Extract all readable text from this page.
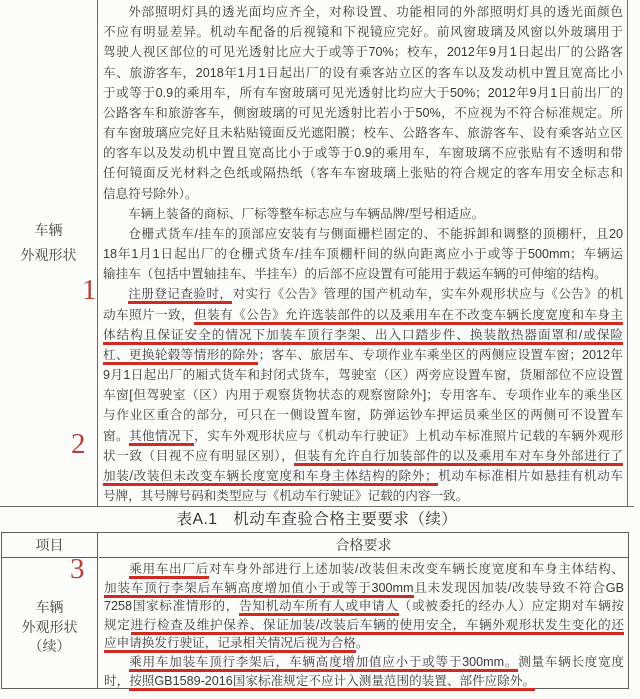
车辆
外观形状
外部照明灯具的透光面均应齐全，对称设置、功能相同的外部照明灯具的透光面颜色
不应有明显差异。机动车配备的后视镜和下视镜应完好。前风窗玻璃及风窗以外玻璃用于
驾驶人视区部位的可见光透射比应大于或等于70%；校车，2012年9月1日起出厂的公路客
车、旅游客车，2018年1月1日起出厂的设有乘客站立区的客车以及发动机中置且宽高比小
于或等于0.9的乘用车，所有车窗玻璃可见光透射比均应大于50%；2012年9月1日前出厂的
公路客车和旅游客车，侧窗玻璃的可见光透射比若小于50%，不应视为不符合标准规定。所
有车窗玻璃应完好且未粘贴镜面反光遮阳膜；校车、公路客车、旅游客车、设有乘客站立区
的客车以及发动机中置且宽高比小于或等于0.9的乘用车，车窗玻璃不应张贴有不透明和带
任何镜面反光材料之色纸或隔热纸（客车车窗玻璃上张贴的符合规定的客车用安全标志和
信息符号除外）。
车辆上装备的商标、厂标等整车标志应与车辆品牌/型号相适应。
仓栅式货车/挂车的顶部应安装有与侧面栅栏固定的、不能拆卸和调整的顶棚杆，且20
18年1月1日起出厂的仓栅式货车/挂车顶棚杆间的纵向距离应小于或等于500mm；车辆运
输挂车（包括中置轴挂车、半挂车）的后部不应设置有可能用于载运车辆的可伸缩的结构。
注册登记查验时，对实行《公告》管理的国产机动车，实车外观形状应与《公告》的机
动车照片一致，但装有《公告》允许选装部件的以及乘用车在不改变车辆长度宽度和车身主
体结构且保证安全的情况下加装车顶行李架、出入口踏步件、换装散热器面罩和/或保险
杠、更换轮毂等情形的除外；客车、旅居车、专项作业车乘坐区的两侧应设置车窗；2012年
9月1日起出厂的厢式货车和封闭式货车，驾驶室（区）两旁应设置车窗，货厢部位不应设置
车窗[但驾驶室（区）内用于观察货物状态的观察窗除外]；专用客车、专项作业车的乘坐区
与作业区重合的部分，可只在一侧设置车窗，防弹运钞车押运员乘坐区的两侧可不设置车
窗。其他情况下，实车外观形状应与《机动车行驶证》上机动车标准照片记载的车辆外观形
状一致（目视不应有明显区别），但装有允许自行加装部件的以及乘用车对车身外部进行了
加装/改装但未改变车辆长度宽度和车身主体结构的除外；机动车标准相片如悬挂有机动车
号牌，其号牌号码和类型应与《机动车行驶证》记载的内容一致。
1
2
3
表A.1　机动车查验合格主要要求（续）
项目	合格要求
车辆
外观形状
（续）
乘用车出厂后对车身外部进行上述加装/改装但未改变车辆长度宽度和车身主体结构、
加装车顶行李架后车辆高度增加值小于或等于300mm且未发现因加装/改装导致不符合GB
7258国家标准情形的，告知机动车所有人或申请人（或被委托的经办人）应定期对车辆按
规定进行检查及维护保养、保证加装/改装后车辆的使用安全，车辆外观形状发生变化的还
应申请换发行驶证，记录相关情况后视为合格。
乘用车加装车顶行李架后，车辆高度增加值应小于或等于300mm。测量车辆长度宽度
时，按照GB1589-2016国家标准规定不应计入测量范围的装置、部件应除外。
